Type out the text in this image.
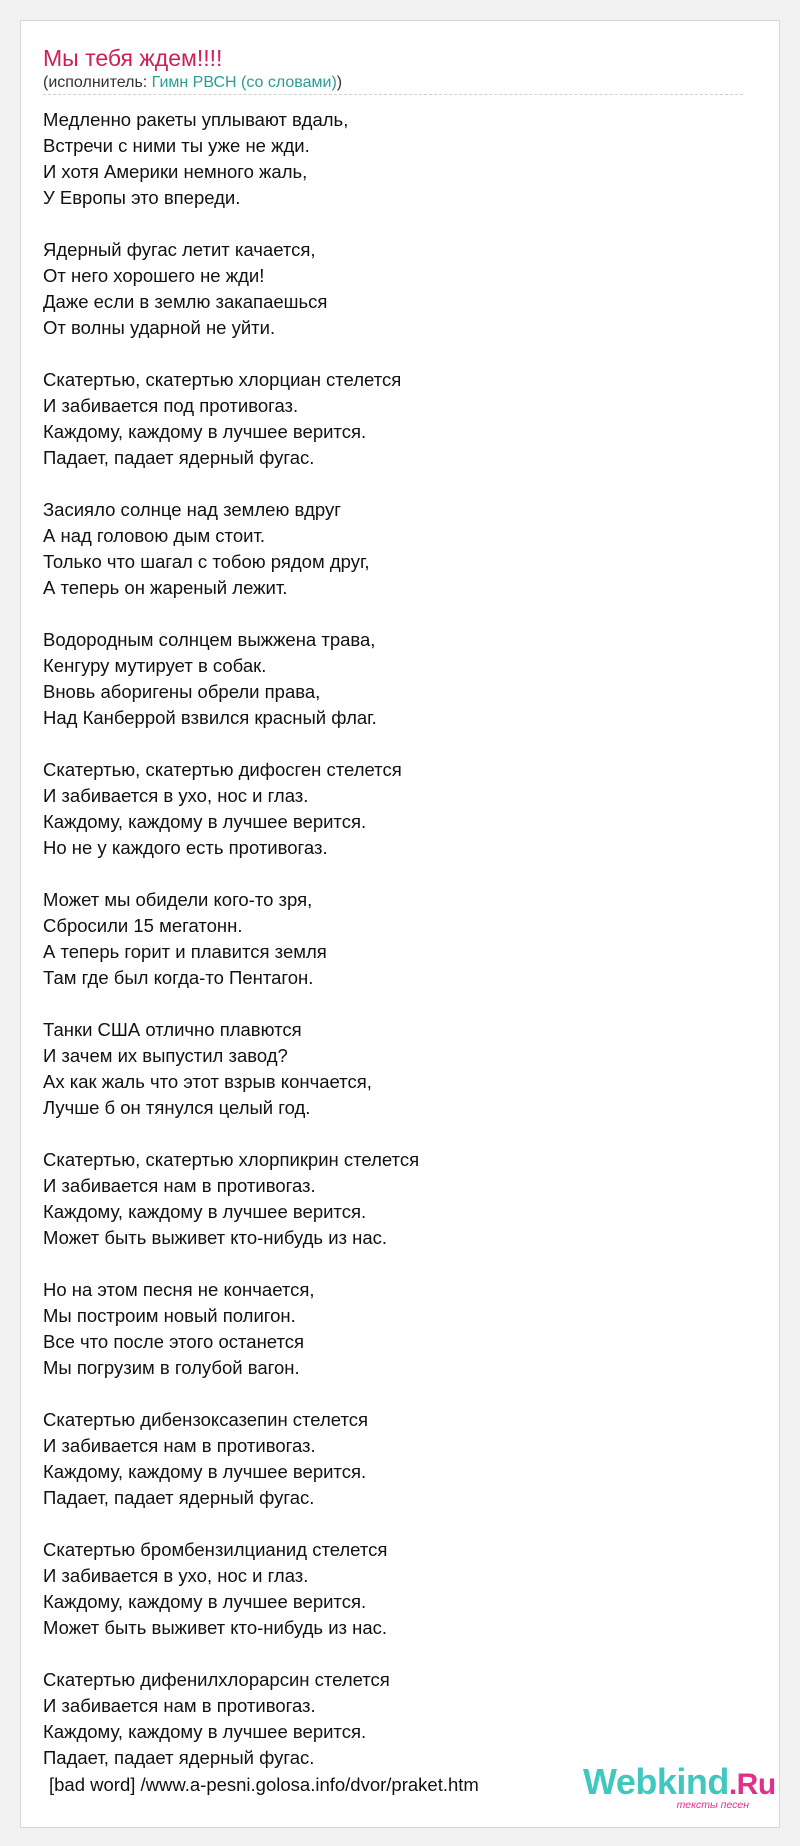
Мы тебя ждем!!!!
(исполнитель: Гимн РВСН (со словами))
Медленно ракеты уплывают вдаль,
Встречи с ними ты уже не жди.
И хотя Америки немного жаль,
У Европы это впереди.
Ядерный фугас летит качается,
От него хорошего не жди!
Даже если в землю закапаешься
От волны ударной не уйти.
Скатертью, скатертью хлорциан стелется
И забивается под противогаз.
Каждому, каждому в лучшее верится.
Падает, падает ядерный фугас.
Засияло солнце над землею вдруг
А над головою дым стоит.
Только что шагал с тобою рядом друг,
А теперь он жареный лежит.
Водородным солнцем выжжена трава,
Кенгуру мутирует в собак.
Вновь аборигены обрели права,
Над Канберрой взвился красный флаг.
Скатертью, скатертью дифосген стелется
И забивается в ухо, нос и глаз.
Каждому, каждому в лучшее верится.
Но не у каждого есть противогаз.
Может мы обидели кого-то зря,
Сбросили 15 мегатонн.
А теперь горит и плавится земля
Там где был когда-то Пентагон.
Танки США отлично плавются
И зачем их выпустил завод?
Ах как жаль что этот взрыв кончается,
Лучше б он тянулся целый год.
Скатертью, скатертью хлорпикрин стелется
И забивается нам в противогаз.
Каждому, каждому в лучшее верится.
Может быть выживет кто-нибудь из нас.
Но на этом песня не кончается,
Мы построим новый полигон.
Все что после этого останется
Мы погрузим в голубой вагон.
Скатертью дибензоксазепин стелется
И забивается нам в противогаз.
Каждому, каждому в лучшее верится.
Падает, падает ядерный фугас.
Скатертью бромбензилцианид стелется
И забивается в ухо, нос и глаз.
Каждому, каждому в лучшее верится.
Может быть выживет кто-нибудь из нас.
Скатертью дифенилхлорарсин стелется
И забивается нам в противогаз.
Каждому, каждому в лучшее верится.
Падает, падает ядерный фугас.
[bad word] /www.a-pesni.golosa.info/dvor/praket.htm	Webkind.Ru
тексты песен
